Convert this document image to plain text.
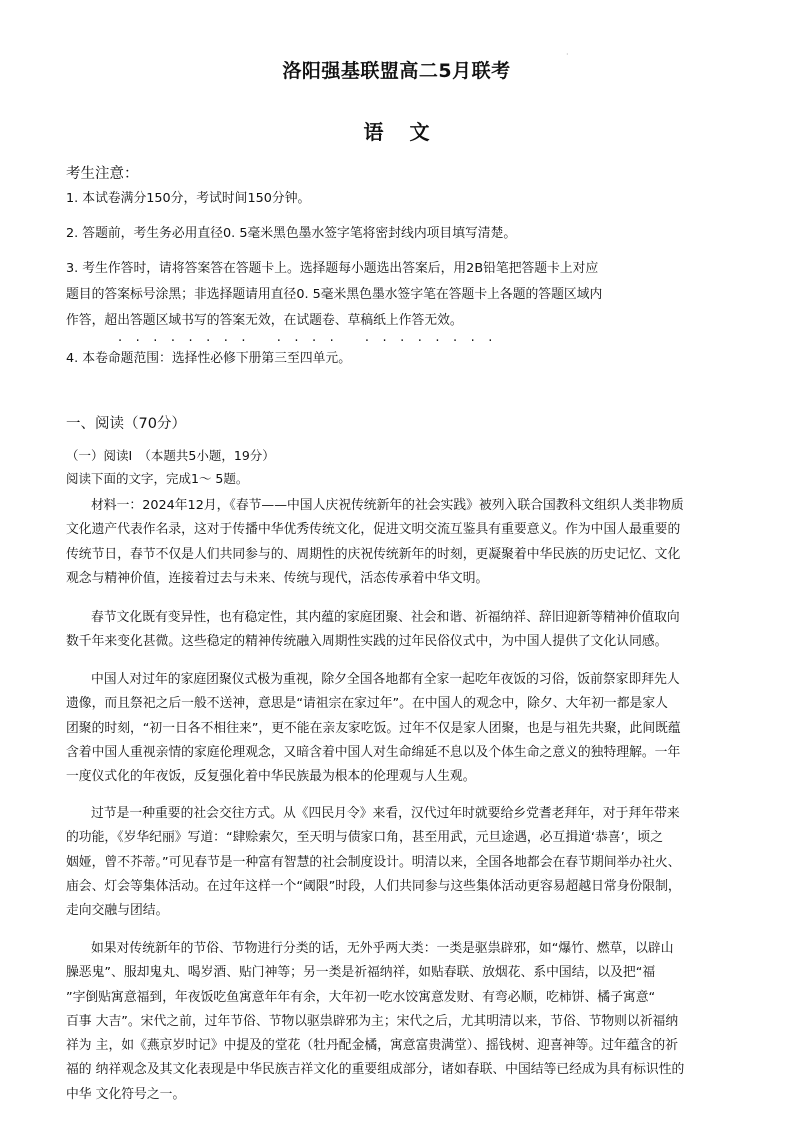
·
洛阳强基联盟高二5月联考
语文
考生注意：
1. 本试卷满分150分，考试时间150分钟。
2. 答题前，考生务必用直径0. 5毫米黑色墨水签字笔将密封线内项目填写清楚。
3. 考生作答时，请将答案答在答题卡上。选择题每小题选出答案后，用2B铅笔把答题卡上对应
题目的答案标号涂黑；非选择题请用直径0. 5毫米黑色墨水签字笔在答题卡上各题的答题区域内
作答，超出答题区域书写的答案无效，在试题卷、草稿纸上作答无效。
········ ···· ········
4. 本卷命题范围：选择性必修下册第三至四单元。
一、阅读（70分）
（一）阅读Ⅰ　（本题共5小题，19分）
阅读下面的文字，完成1～ 5题。
材料一：2024年12月，《春节——中国人庆祝传统新年的社会实践》被列入联合国教科文组织人类非物质
文化遗产代表作名录，这对于传播中华优秀传统文化，促进文明交流互鉴具有重要意义。作为中国人最重要的
传统节日，春节不仅是人们共同参与的、周期性的庆祝传统新年的时刻，更凝聚着中华民族的历史记忆、文化
观念与精神价值，连接着过去与未来、传统与现代，活态传承着中华文明。
春节文化既有变异性，也有稳定性，其内蕴的家庭团聚、社会和谐、祈福纳祥、辞旧迎新等精神价值取向
数千年来变化甚微。这些稳定的精神传统融入周期性实践的过年民俗仪式中，为中国人提供了文化认同感。
中国人对过年的家庭团聚仪式极为重视，除夕全国各地都有全家一起吃年夜饭的习俗，饭前祭家即拜先人
遗像，而且祭祀之后一般不送神，意思是“请祖宗在家过年”。在中国人的观念中，除夕、大年初一都是家人
团聚的时刻，“初一日各不相往来”，更不能在亲友家吃饭。过年不仅是家人团聚，也是与祖先共聚，此间既蕴
含着中国人重视亲情的家庭伦理观念，又暗含着中国人对生命绵延不息以及个体生命之意义的独特理解。一年
一度仪式化的年夜饭，反复强化着中华民族最为根本的伦理观与人生观。
过节是一种重要的社会交往方式。从《四民月令》来看，汉代过年时就要给乡党耆老拜年，对于拜年带来
的功能，《岁华纪丽》写道：“肆赊索欠，至天明与债家口角，甚至用武，元旦途遇，必互揖道‘恭喜’，顷之
姻娅，曾不芥蒂。”可见春节是一种富有智慧的社会制度设计。明清以来，全国各地都会在春节期间举办社火、
庙会、灯会等集体活动。在过年这样一个“阈限”时段，人们共同参与这些集体活动更容易超越日常身份限制，
走向交融与团结。
如果对传统新年的节俗、节物进行分类的话，无外乎两大类：一类是驱祟辟邪，如“爆竹、燃草，以辟山
臊恶鬼”、服却鬼丸、喝岁酒、贴门神等；另一类是祈福纳祥，如贴春联、放烟花、系中国结，以及把“福
”字倒贴寓意福到，年夜饭吃鱼寓意年年有余，大年初一吃水饺寓意发财、有弯必顺，吃柿饼、橘子寓意“
百事 大吉”。宋代之前，过年节俗、节物以驱祟辟邪为主；宋代之后，尤其明清以来，节俗、节物则以祈福纳
祥为 主，如《燕京岁时记》中提及的堂花（牡丹配金橘，寓意富贵满堂）、摇钱树、迎喜神等。过年蕴含的祈
福的 纳祥观念及其文化表现是中华民族吉祥文化的重要组成部分，诸如春联、中国结等已经成为具有标识性的
中华 文化符号之一。
